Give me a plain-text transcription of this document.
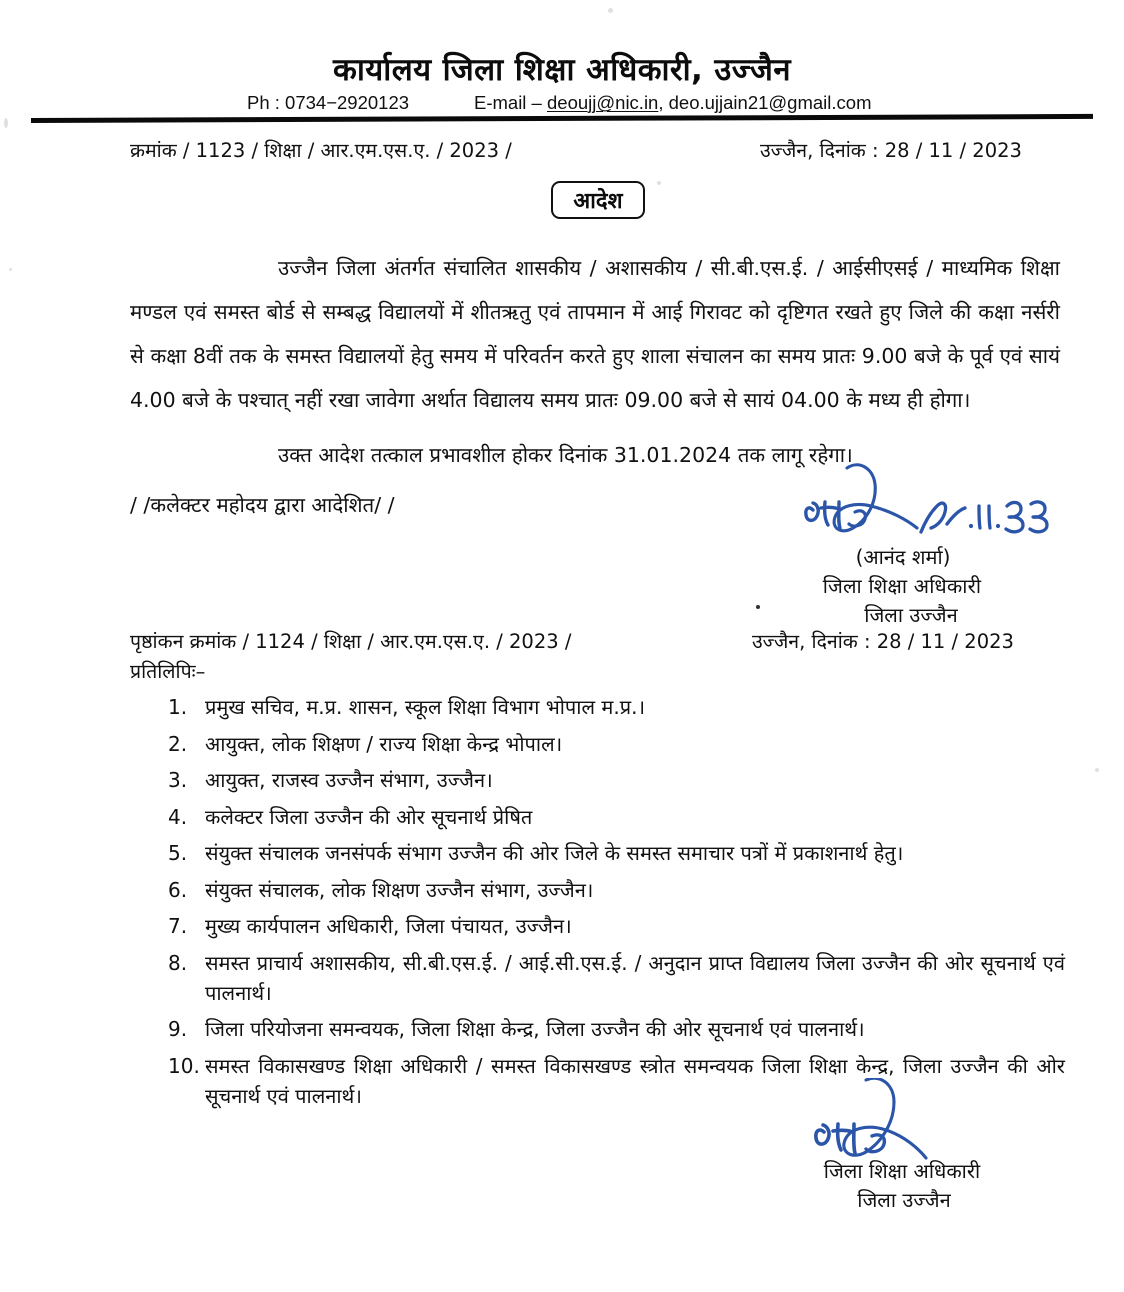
कार्यालय जिला शिक्षा अधिकारी, उज्जैन
Ph : 0734−2920123	E-mail – deoujj@nic.in, deo.ujjain21@gmail.com
क्रमांक / 1123 / शिक्षा / आर.एम.एस.ए. / 2023 /	उज्जैन, दिनांक : 28 / 11 / 2023
आदेश

उज्जैन जिला अंतर्गत संचालित शासकीय / अशासकीय / सी.बी.एस.ई. / आईसीएसई / माध्यमिक शिक्षा मण्डल एवं समस्त बोर्ड से सम्बद्ध विद्यालयों में शीतऋतु एवं तापमान में आई गिरावट को दृष्टिगत रखते हुए जिले की कक्षा नर्सरी से कक्षा 8वीं तक के समस्त विद्यालयों हेतु समय में परिवर्तन करते हुए शाला संचालन का समय प्रातः 9.00 बजे के पूर्व एवं सायं 4.00 बजे के पश्चात् नहीं रखा जावेगा अर्थात विद्यालय समय प्रातः 09.00 बजे से सायं 04.00 के मध्य ही होगा।

उक्त आदेश तत्काल प्रभावशील होकर दिनांक 31.01.2024 तक लागू रहेगा।

/ /कलेक्टर महोदय द्वारा आदेशित/ /

(आनंद शर्मा)
जिला शिक्षा अधिकारी
जिला उज्जैन
पृष्ठांकन क्रमांक / 1124 / शिक्षा / आर.एम.एस.ए. / 2023 /	उज्जैन, दिनांक : 28 / 11 / 2023
प्रतिलिपिः–
1. प्रमुख सचिव, म.प्र. शासन, स्कूल शिक्षा विभाग भोपाल म.प्र.।
2. आयुक्त, लोक शिक्षण / राज्य शिक्षा केन्द्र भोपाल।
3. आयुक्त, राजस्व उज्जैन संभाग, उज्जैन।
4. कलेक्टर जिला उज्जैन की ओर सूचनार्थ प्रेषित
5. संयुक्त संचालक जनसंपर्क संभाग उज्जैन की ओर जिले के समस्त समाचार पत्रों में प्रकाशनार्थ हेतु।
6. संयुक्त संचालक, लोक शिक्षण उज्जैन संभाग, उज्जैन।
7. मुख्य कार्यपालन अधिकारी, जिला पंचायत, उज्जैन।
8. समस्त प्राचार्य अशासकीय, सी.बी.एस.ई. / आई.सी.एस.ई. / अनुदान प्राप्त विद्यालय जिला उज्जैन की ओर सूचनार्थ एवं पालनार्थ।
9. जिला परियोजना समन्वयक, जिला शिक्षा केन्द्र, जिला उज्जैन की ओर सूचनार्थ एवं पालनार्थ।
10. समस्त विकासखण्ड शिक्षा अधिकारी / समस्त विकासखण्ड स्त्रोत समन्वयक जिला शिक्षा केन्द्र, जिला उज्जैन की ओर सूचनार्थ एवं पालनार्थ।
जिला शिक्षा अधिकारी
जिला उज्जैन
